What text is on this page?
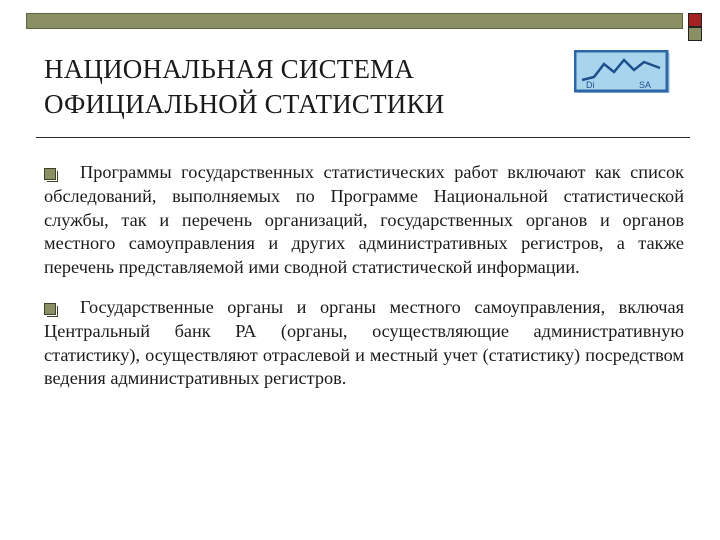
НАЦИОНАЛЬНАЯ СИСТЕМА
ОФИЦИАЛЬНОЙ СТАТИСТИКИ
Di	SA

Программы государственных статистических работ включают как список обследований, выполняемых по Программе Национальной статистической службы, так и перечень организаций, государственных органов и органов местного самоуправления и других административных регистров, а также перечень представляемой ими сводной статистической информации.

Государственные органы и органы местного самоуправления, включая Центральный банк РА (органы, осуществляющие административную статистику), осуществляют отраслевой и местный учет (статистику) посредством ведения административных регистров.
